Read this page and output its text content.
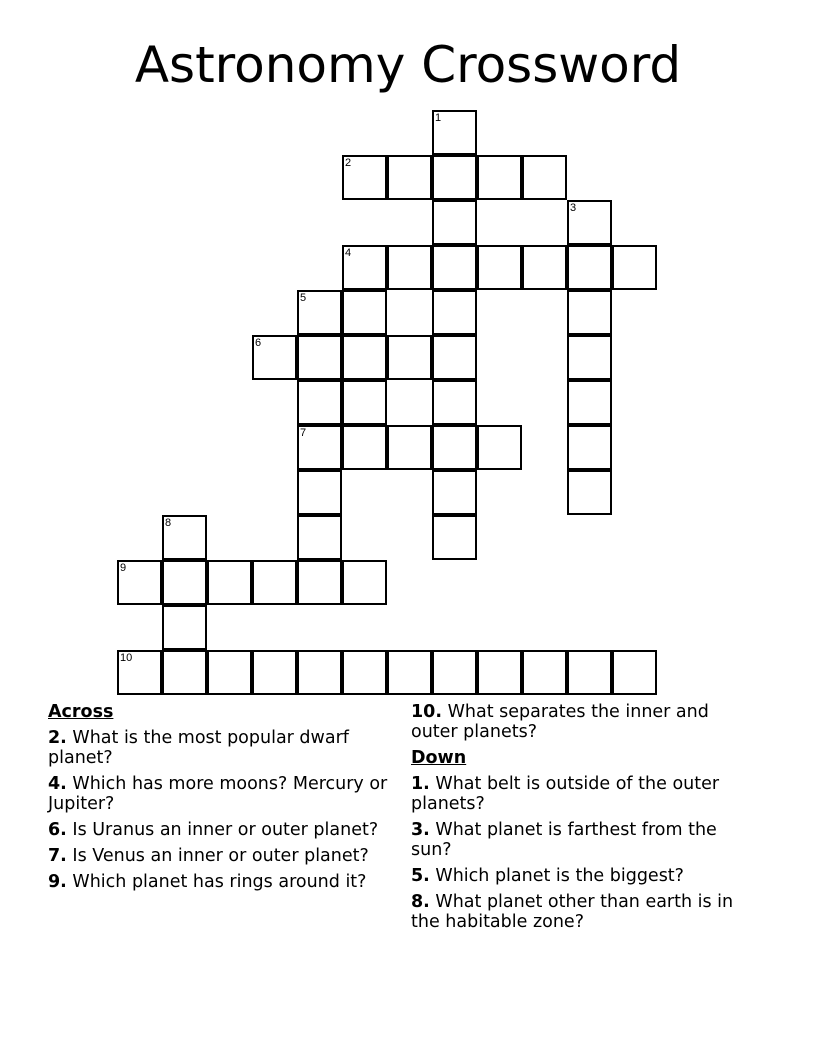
Astronomy Crossword
1
2
3
4
5
6
7
8
9
10
Across
2. What is the most popular dwarf planet?
4. Which has more moons? Mercury or Jupiter?
6. Is Uranus an inner or outer planet?
7. Is Venus an inner or outer planet?
9. Which planet has rings around it?
10. What separates the inner and outer planets?
Down
1. What belt is outside of the outer planets?
3. What planet is farthest from the sun?
5. Which planet is the biggest?
8. What planet other than earth is in the habitable zone?
